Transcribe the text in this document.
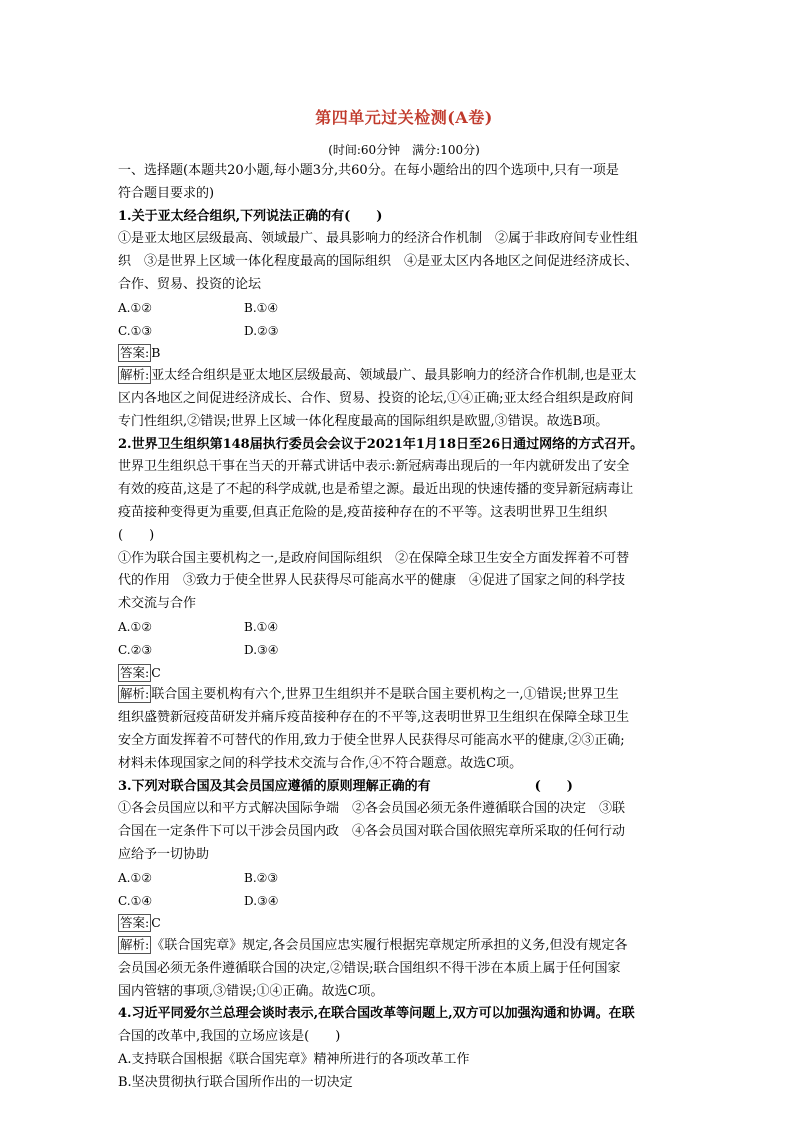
第四单元过关检测(A卷)
(时间:60分钟　满分:100分)
一、选择题(本题共20小题,每小题3分,共60分。在每小题给出的四个选项中,只有一项是
符合题目要求的)
1.关于亚太经合组织,下列说法正确的有(　　)
①是亚太地区层级最高、领域最广、最具影响力的经济合作机制　②属于非政府间专业性组
织　③是世界上区域一体化程度最高的国际组织　④是亚太区内各地区之间促进经济成长、
合作、贸易、投资的论坛
A.①②	B.①④
C.①③	D.②③
答案: B
解析: 亚太经合组织是亚太地区层级最高、领域最广、最具影响力的经济合作机制,也是亚太
区内各地区之间促进经济成长、合作、贸易、投资的论坛,①④正确;亚太经合组织是政府间
专门性组织,②错误;世界上区域一体化程度最高的国际组织是欧盟,③错误。故选B项。
2.世界卫生组织第148届执行委员会会议于2021年1月18日至26日通过网络的方式召开。
世界卫生组织总干事在当天的开幕式讲话中表示:新冠病毒出现后的一年内就研发出了安全
有效的疫苗,这是了不起的科学成就,也是希望之源。最近出现的快速传播的变异新冠病毒让
疫苗接种变得更为重要,但真正危险的是,疫苗接种存在的不平等。这表明世界卫生组织
(　　)
①作为联合国主要机构之一,是政府间国际组织　②在保障全球卫生安全方面发挥着不可替
代的作用　③致力于使全世界人民获得尽可能高水平的健康　④促进了国家之间的科学技
术交流与合作
A.①②	B.①④
C.②③	D.③④
答案: C
解析: 联合国主要机构有六个,世界卫生组织并不是联合国主要机构之一,①错误;世界卫生
组织盛赞新冠疫苗研发并痛斥疫苗接种存在的不平等,这表明世界卫生组织在保障全球卫生
安全方面发挥着不可替代的作用,致力于使全世界人民获得尽可能高水平的健康,②③正确;
材料未体现国家之间的科学技术交流与合作,④不符合题意。故选C项。
3.下列对联合国及其会员国应遵循的原则理解正确的有　　　　　　　　(　　)
①各会员国应以和平方式解决国际争端　②各会员国必须无条件遵循联合国的决定　③联
合国在一定条件下可以干涉会员国内政　④各会员国对联合国依照宪章所采取的任何行动
应给予一切协助
A.①②	B.②③
C.①④	D.③④
答案: C
解析: 《联合国宪章》规定,各会员国应忠实履行根据宪章规定所承担的义务,但没有规定各
会员国必须无条件遵循联合国的决定,②错误;联合国组织不得干涉在本质上属于任何国家
国内管辖的事项,③错误;①④正确。故选C项。
4.习近平同爱尔兰总理会谈时表示,在联合国改革等问题上,双方可以加强沟通和协调。在联
合国的改革中,我国的立场应该是(　　)
A.支持联合国根据《联合国宪章》精神所进行的各项改革工作
B.坚决贯彻执行联合国所作出的一切决定
